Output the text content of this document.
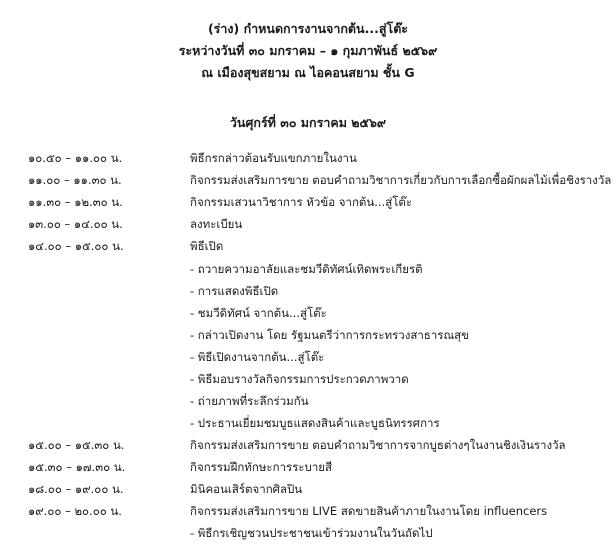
(ร่าง) กำหนดการงานจากต้น...สู่โต๊ะ
ระหว่างวันที่ ๓๐ มกราคม – ๑ กุมภาพันธ์ ๒๕๖๙
ณ เมืองสุขสยาม ณ ไอคอนสยาม ชั้น G
วันศุกร์ที่ ๓๐ มกราคม ๒๕๖๙
๑๐.๕๐ – ๑๑.๐๐ น.	พิธีกรกล่าวต้อนรับแขกภายในงาน
๑๑.๐๐ – ๑๑.๓๐ น.	กิจกรรมส่งเสริมการขาย ตอบคำถามวิชาการเกี่ยวกับการเลือกซื้อผักผลไม้เพื่อชิงรางวัล
๑๑.๓๐ – ๑๒.๓๐ น.	กิจกรรมเสวนาวิชาการ หัวข้อ จากต้น...สู่โต๊ะ
๑๓.๐๐ – ๑๔.๐๐ น.	ลงทะเบียน
๑๔.๐๐ – ๑๕.๐๐ น.	พิธีเปิด
- ถวายความอาลัยและชมวีดิทัศน์เทิดพระเกียรติ
- การแสดงพิธีเปิด
- ชมวีดิทัศน์ จากต้น...สู่โต๊ะ
- กล่าวเปิดงาน โดย รัฐมนตรีว่าการกระทรวงสาธารณสุข
- พิธีเปิดงานจากต้น...สู่โต๊ะ
- พิธีมอบรางวัลกิจกรรมการประกวดภาพวาด
- ถ่ายภาพที่ระลึกร่วมกัน
- ประธานเยี่ยมชมบูธแสดงสินค้าและบูธนิทรรศการ
๑๕.๐๐ – ๑๕.๓๐ น.	กิจกรรมส่งเสริมการขาย ตอบคำถามวิชาการจากบูธต่างๆในงานชิงเงินรางวัล
๑๕.๓๐ – ๑๗.๓๐ น.	กิจกรรมฝึกทักษะการระบายสี
๑๘.๐๐ – ๑๙.๐๐ น.	มินิคอนเสิร์ตจากศิลปิน
๑๙.๐๐ – ๒๐.๐๐ น.	กิจกรรมส่งเสริมการขาย LIVE สดขายสินค้าภายในงานโดย influencers
- พิธีกรเชิญชวนประชาชนเข้าร่วมงานในวันถัดไป
